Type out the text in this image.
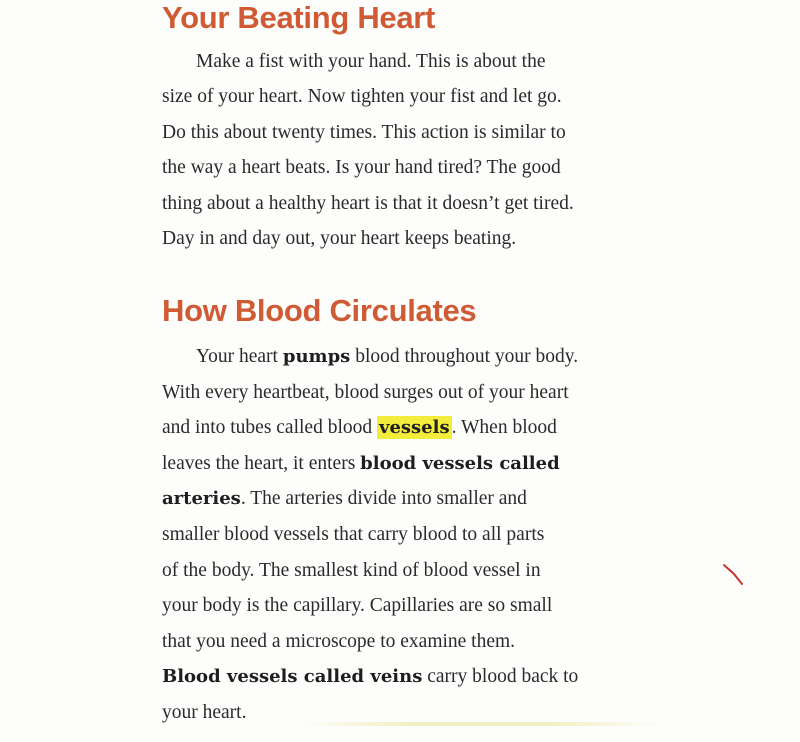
Your Beating Heart
Make a fist with your hand. This is about the
size of your heart. Now tighten your fist and let go.
Do this about twenty times. This action is similar to
the way a heart beats. Is your hand tired? The good
thing about a healthy heart is that it doesn’t get tired.
Day in and day out, your heart keeps beating.
How Blood Circulates
Your heart pumps blood throughout your body.
With every heartbeat, blood surges out of your heart
and into tubes called blood vessels . When blood
leaves the heart, it enters blood vessels called
arteries. The arteries divide into smaller and
smaller blood vessels that carry blood to all parts
of the body. The smallest kind of blood vessel in
your body is the capillary. Capillaries are so small
that you need a microscope to examine them.
Blood vessels called veins carry blood back to
your heart.
